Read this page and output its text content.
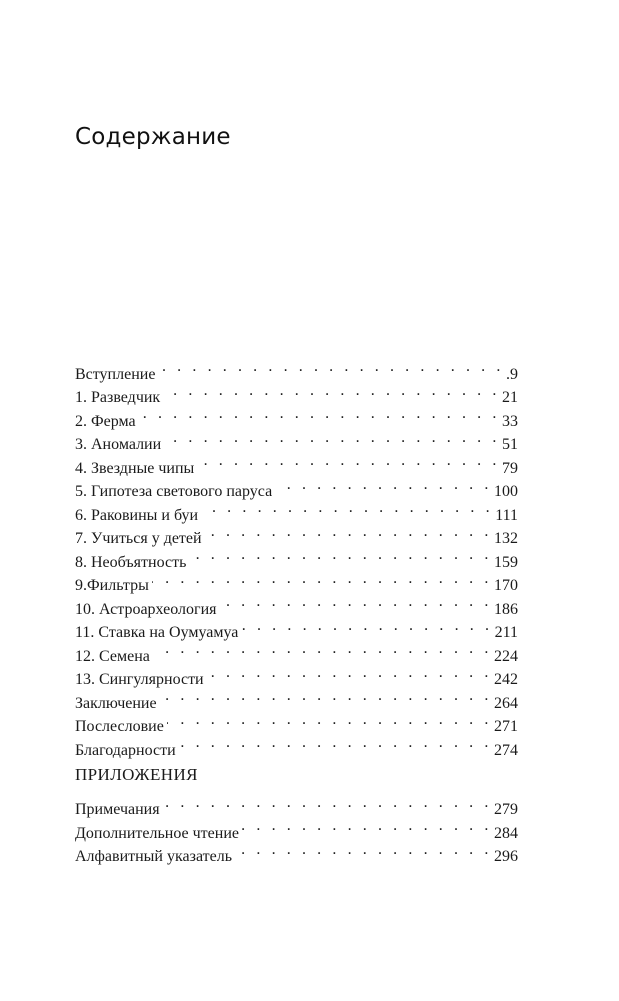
Содержание
Вступление . . .	.9
1. Разведчик . . .	21
2. Ферма . . .	33
3. Аномалии . . .	51
4. Звездные чипы . . .	79
5. Гипотеза светового паруса . . .	100
6. Раковины и буи . . .	111
7. Учиться у детей . . .	132
8. Необъятность . . .	159
9.Фильтры . . .	170
10. Астроархеология . . .	186
11. Ставка на Оумуамуа . . .	211
12. Семена . . .	224
13. Сингулярности . . .	242
Заключение . . .	264
Послесловие . . .	271
Благодарности . . .	274
ПРИЛОЖЕНИЯ
Примечания . . .	279
Дополнительное чтение . . .	284
Алфавитный указатель . . .	296
